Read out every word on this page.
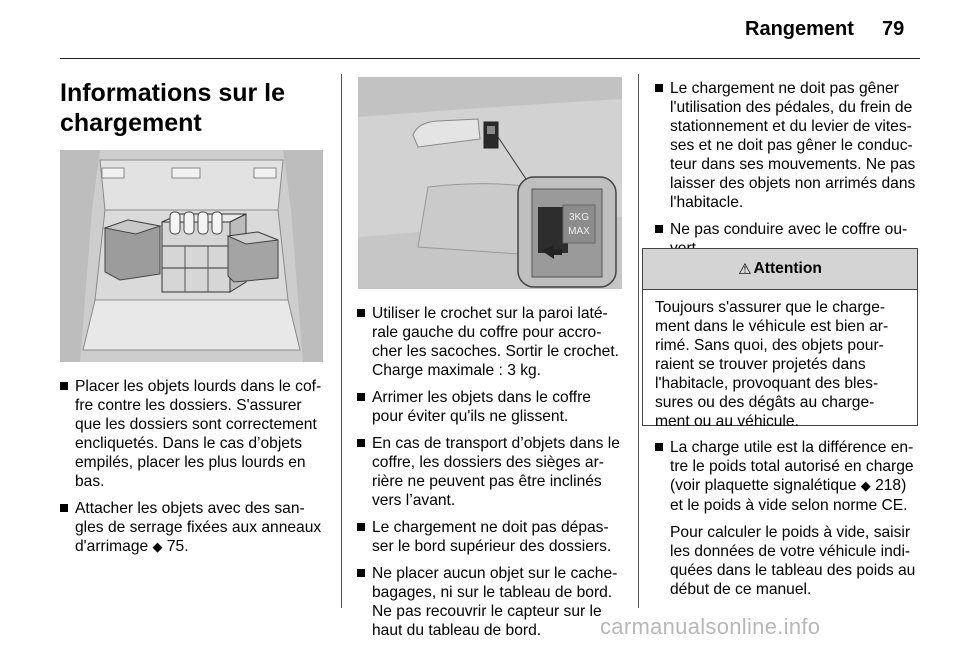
Rangement 79
Informations sur le chargement
3KG
MAX
Placer les objets lourds dans le cof-fre contre les dossiers. S'assurer que les dossiers sont correctement encliquetés. Dans le cas d’objets empilés, placer les plus lourds en bas.
Attacher les objets avec des san-gles de serrage fixées aux anneaux d'arrimage ◆ 75.
Utiliser le crochet sur la paroi laté-rale gauche du coffre pour accro-cher les sacoches. Sortir le crochet. Charge maximale : 3 kg.
Arrimer les objets dans le coffre pour éviter qu'ils ne glissent.
En cas de transport d’objets dans le coffre, les dossiers des sièges ar-rière ne peuvent pas être inclinés vers l’avant.
Le chargement ne doit pas dépas-ser le bord supérieur des dossiers.
Ne placer aucun objet sur le cache-bagages, ni sur le tableau de bord. Ne pas recouvrir le capteur sur le haut du tableau de bord.
Le chargement ne doit pas gêner l'utilisation des pédales, du frein de stationnement et du levier de vites-ses et ne doit pas gêner le conduc-teur dans ses mouvements. Ne pas laisser des objets non arrimés dans l'habitacle.
Ne pas conduire avec le coffre ou-
⚠ Attention
Toujours s'assurer que le charge-ment dans le véhicule est bien ar-rimé. Sans quoi, des objets pour-raient se trouver projetés dans l'habitacle, provoquant des bles-sures ou des dégâts au charge-ment ou au véhicule.
La charge utile est la différence en-tre le poids total autorisé en charge (voir plaquette signalétique ◆ 218) et le poids à vide selon norme CE.

Pour calculer le poids à vide, saisir les données de votre véhicule indi-quées dans le tableau des poids au début de ce manuel.

carmanualsonline.info
